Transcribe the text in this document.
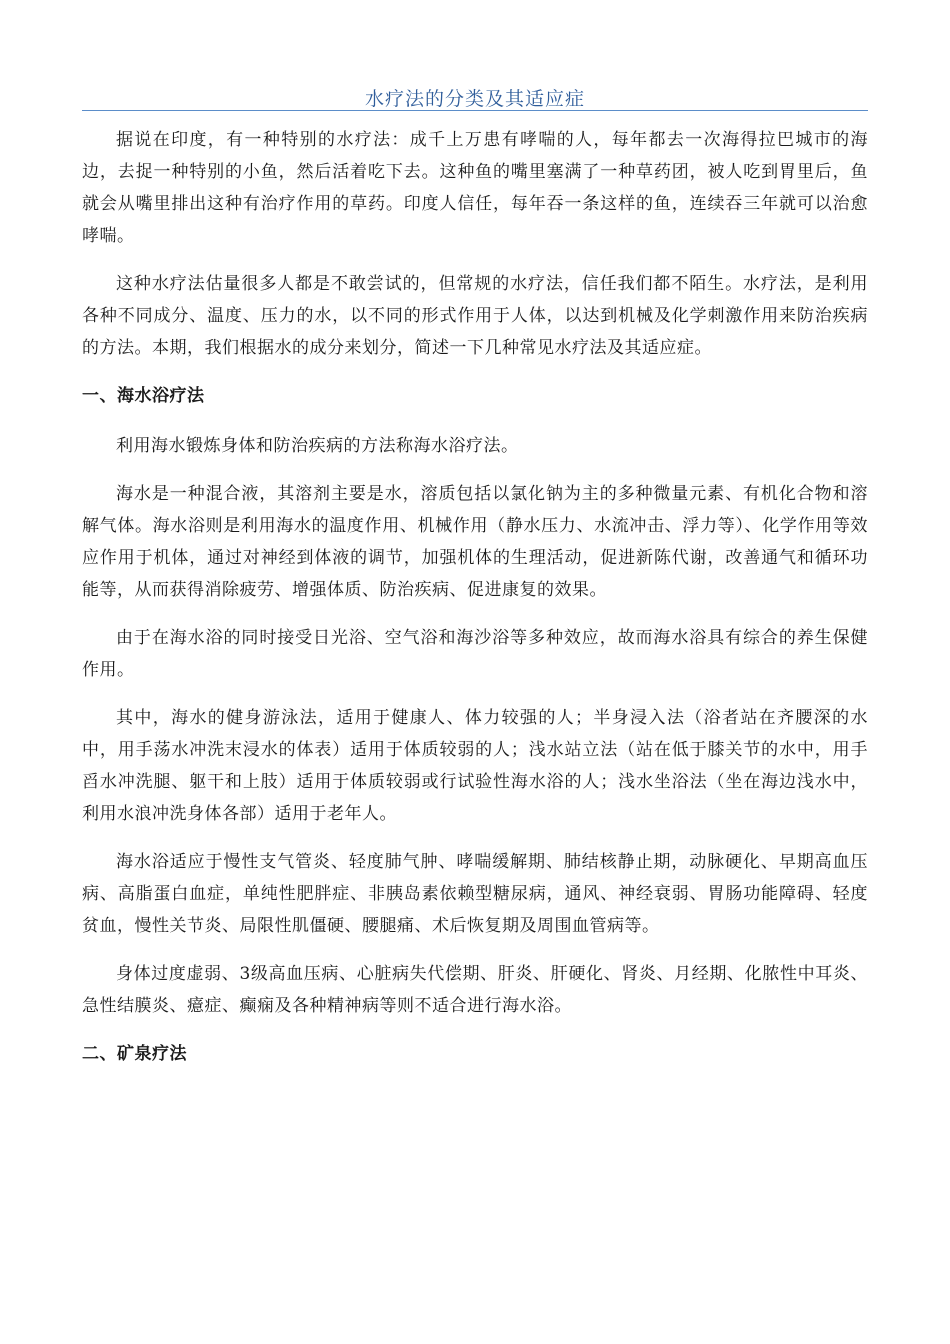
水疗法的分类及其适应症

据说在印度，有一种特别的水疗法：成千上万患有哮喘的人，每年都去一次海得拉巴城市的海边，去捉一种特别的小鱼，然后活着吃下去。这种鱼的嘴里塞满了一种草药团，被人吃到胃里后，鱼就会从嘴里排出这种有治疗作用的草药。印度人信任，每年吞一条这样的鱼，连续吞三年就可以治愈哮喘。

这种水疗法估量很多人都是不敢尝试的，但常规的水疗法，信任我们都不陌生。水疗法，是利用各种不同成分、温度、压力的水，以不同的形式作用于人体，以达到机械及化学刺激作用来防治疾病的方法。本期，我们根据水的成分来划分，简述一下几种常见水疗法及其适应症。

一、海水浴疗法

利用海水锻炼身体和防治疾病的方法称海水浴疗法。

海水是一种混合液，其溶剂主要是水，溶质包括以氯化钠为主的多种微量元素、有机化合物和溶解气体。海水浴则是利用海水的温度作用、机械作用（静水压力、水流冲击、浮力等）、化学作用等效应作用于机体，通过对神经到体液的调节，加强机体的生理活动，促进新陈代谢，改善通气和循环功能等，从而获得消除疲劳、增强体质、防治疾病、促进康复的效果。

由于在海水浴的同时接受日光浴、空气浴和海沙浴等多种效应，故而海水浴具有综合的养生保健作用。

其中，海水的健身游泳法，适用于健康人、体力较强的人；半身浸入法（浴者站在齐腰深的水中，用手荡水冲洗末浸水的体表）适用于体质较弱的人；浅水站立法（站在低于膝关节的水中，用手舀水冲洗腿、躯干和上肢）适用于体质较弱或行试验性海水浴的人；浅水坐浴法（坐在海边浅水中，利用水浪冲洗身体各部）适用于老年人。

海水浴适应于慢性支气管炎、轻度肺气肿、哮喘缓解期、肺结核静止期，动脉硬化、早期高血压病、高脂蛋白血症，单纯性肥胖症、非胰岛素依赖型糖尿病，通风、神经衰弱、胃肠功能障碍、轻度贫血，慢性关节炎、局限性肌僵硬、腰腿痛、术后恢复期及周围血管病等。

身体过度虚弱、3级高血压病、心脏病失代偿期、肝炎、肝硬化、肾炎、月经期、化脓性中耳炎、急性结膜炎、癔症、癫痫及各种精神病等则不适合进行海水浴。

二、矿泉疗法
